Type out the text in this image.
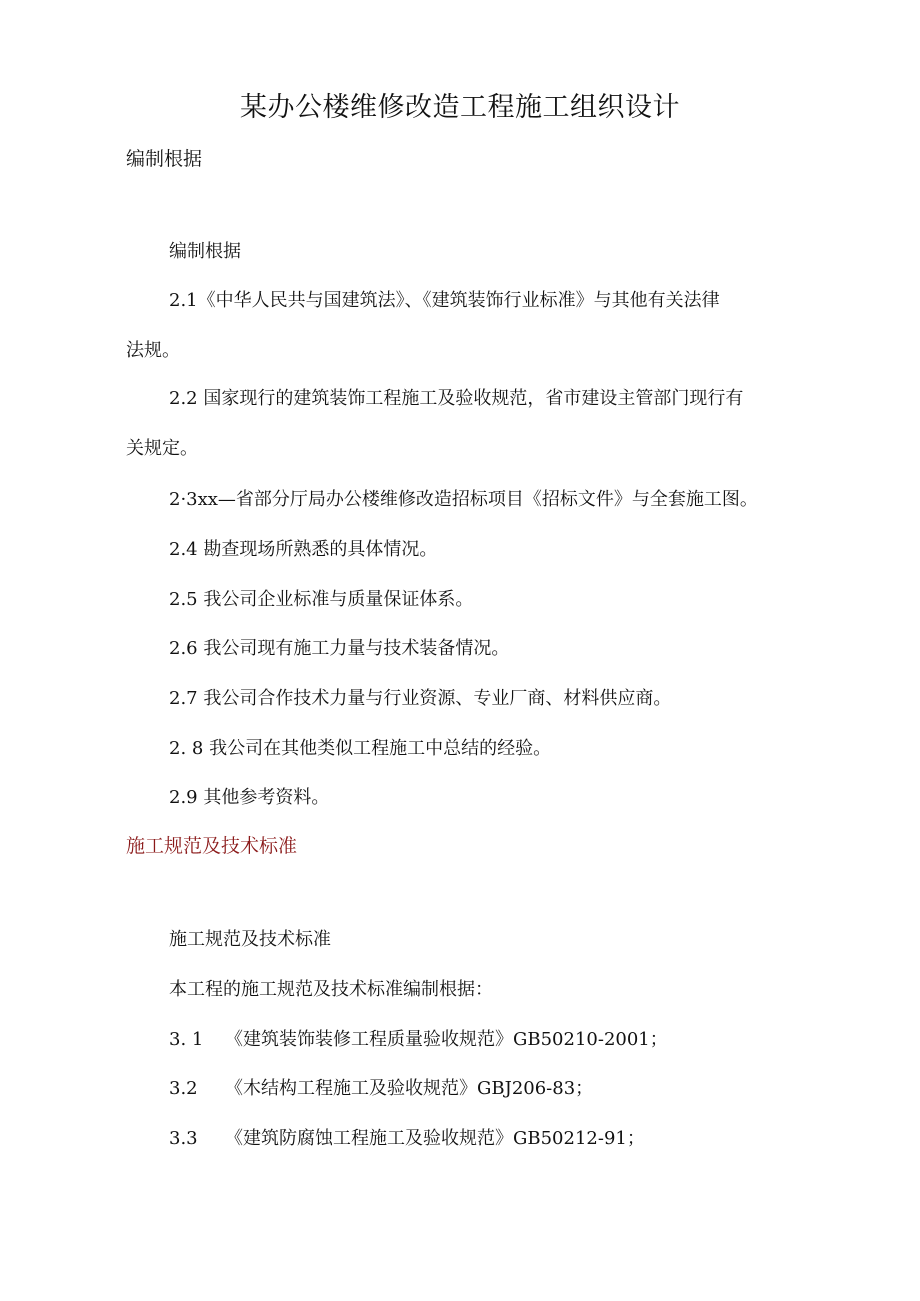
某办公楼维修改造工程施工组织设计
编制根据
编制根据
2.1《中华人民共与国建筑法》、《建筑装饰行业标准》与其他有关法律
法规。
2.2 国家现行的建筑装饰工程施工及验收规范，省市建设主管部门现行有
关规定。
2·3xx—省部分厅局办公楼维修改造招标项目《招标文件》与全套施工图。
2.4 勘查现场所熟悉的具体情况。
2.5 我公司企业标准与质量保证体系。
2.6 我公司现有施工力量与技术装备情况。
2.7 我公司合作技术力量与行业资源、专业厂商、材料供应商。
2. 8 我公司在其他类似工程施工中总结的经验。
2.9 其他参考资料。
施工规范及技术标准
施工规范及技术标准
本工程的施工规范及技术标准编制根据：
3. 1 《建筑装饰装修工程质量验收规范》GB50210-2001；
3.2 《木结构工程施工及验收规范》GBJ206-83；
3.3 《建筑防腐蚀工程施工及验收规范》GB50212-91；
